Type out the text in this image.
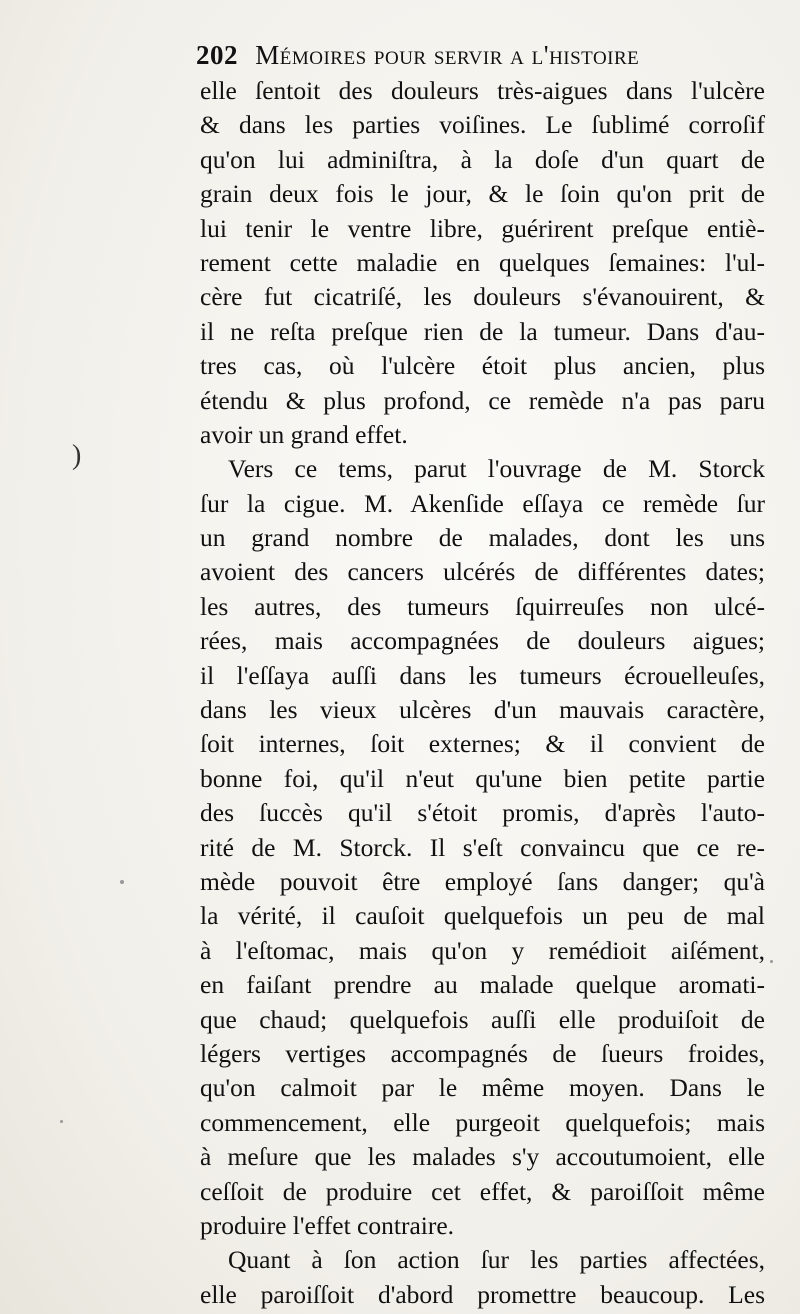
202 Mémoires pour servir a l'histoire
)
elle ſentoit des douleurs très-aigues dans l'ulcère
& dans les parties voiſines. Le ſublimé corroſif
qu'on lui adminiſtra, à la doſe d'un quart de
grain deux fois le jour, & le ſoin qu'on prit de
lui tenir le ventre libre, guérirent preſque entiè-
rement cette maladie en quelques ſemaines: l'ul-
cère fut cicatriſé, les douleurs s'évanouirent, &
il ne reſta preſque rien de la tumeur. Dans d'au-
tres cas, où l'ulcère étoit plus ancien, plus
étendu & plus profond, ce remède n'a pas paru
avoir un grand effet.
Vers ce tems, parut l'ouvrage de M. Storck
ſur la cigue. M. Akenſide eſſaya ce remède ſur
un grand nombre de malades, dont les uns
avoient des cancers ulcérés de différentes dates;
les autres, des tumeurs ſquirreuſes non ulcé-
rées, mais accompagnées de douleurs aigues;
il l'eſſaya auſſi dans les tumeurs écrouelleuſes,
dans les vieux ulcères d'un mauvais caractère,
ſoit internes, ſoit externes; & il convient de
bonne foi, qu'il n'eut qu'une bien petite partie
des ſuccès qu'il s'étoit promis, d'après l'auto-
rité de M. Storck. Il s'eſt convaincu que ce re-
mède pouvoit être employé ſans danger; qu'à
la vérité, il cauſoit quelquefois un peu de mal
à l'eſtomac, mais qu'on y remédioit aiſément,
en faiſant prendre au malade quelque aromati-
que chaud; quelquefois auſſi elle produiſoit de
légers vertiges accompagnés de ſueurs froides,
qu'on calmoit par le même moyen. Dans le
commencement, elle purgeoit quelquefois; mais
à meſure que les malades s'y accoutumoient, elle
ceſſoit de produire cet effet, & paroiſſoit même
produire l'effet contraire.
Quant à ſon action ſur les parties affectées,
elle paroiſſoit d'abord promettre beaucoup. Les
